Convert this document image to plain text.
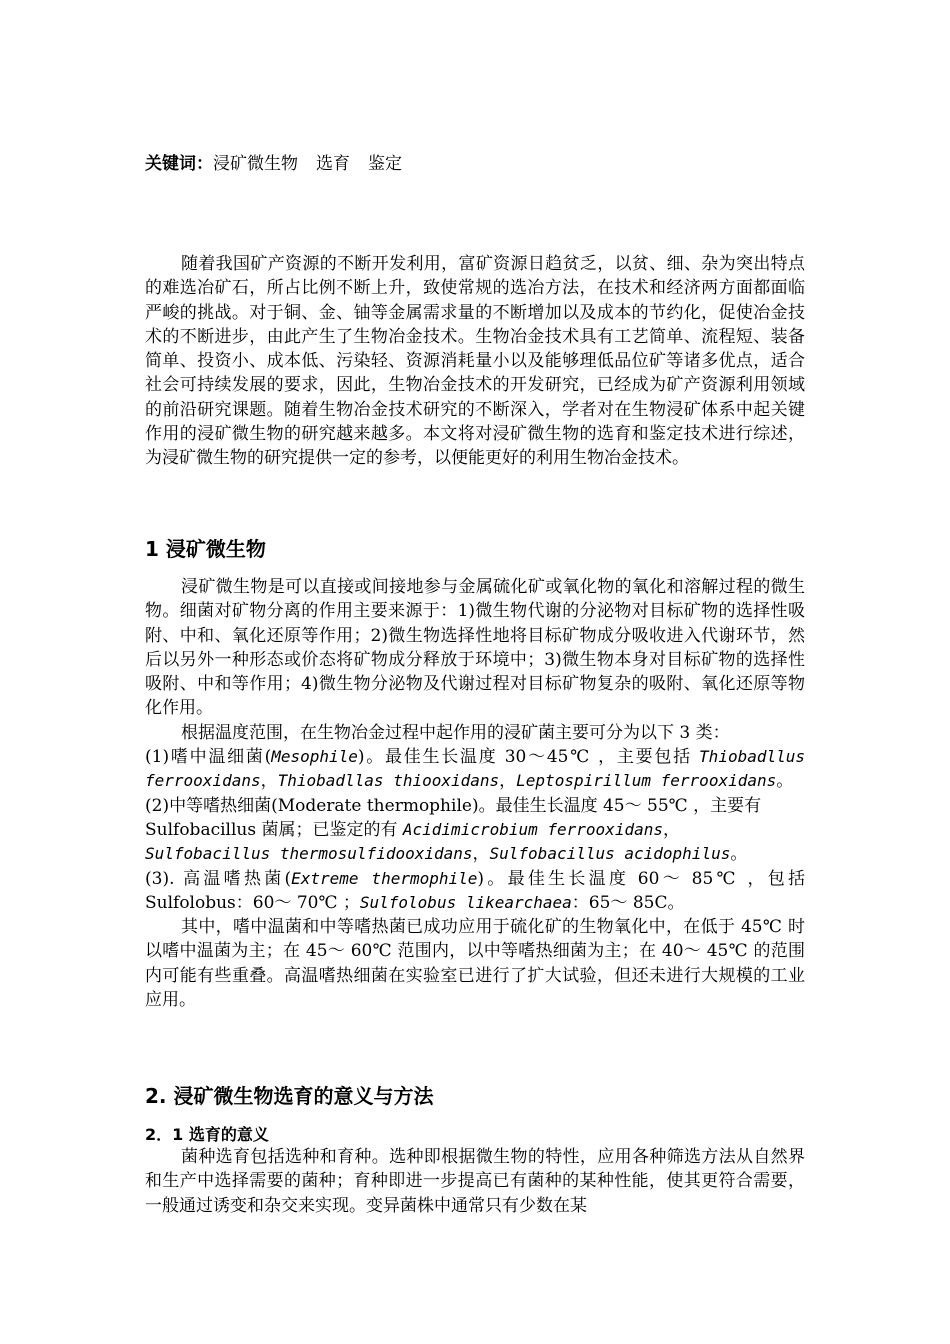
关键词：浸矿微生物 选育 鉴定

随着我国矿产资源的不断开发利用，富矿资源日趋贫乏，以贫、细、杂为突出特点的难选冶矿石，所占比例不断上升，致使常规的选冶方法，在技术和经济两方面都面临严峻的挑战。对于铜、金、铀等金属需求量的不断增加以及成本的节约化，促使冶金技术的不断进步，由此产生了生物冶金技术。生物冶金技术具有工艺简单、流程短、装备简单、投资小、成本低、污染轻、资源消耗量小以及能够理低品位矿等诸多优点，适合社会可持续发展的要求，因此，生物冶金技术的开发研究，已经成为矿产资源利用领域的前沿研究课题。随着生物冶金技术研究的不断深入，学者对在生物浸矿体系中起关键作用的浸矿微生物的研究越来越多。本文将对浸矿微生物的选育和鉴定技术进行综述，为浸矿微生物的研究提供一定的参考，以便能更好的利用生物冶金技术。

1 浸矿微生物

浸矿微生物是可以直接或间接地参与金属硫化矿或氧化物的氧化和溶解过程的微生物。细菌对矿物分离的作用主要来源于：1)微生物代谢的分泌物对目标矿物的选择性吸附、中和、氧化还原等作用；2)微生物选择性地将目标矿物成分吸收进入代谢环节，然后以另外一种形态或价态将矿物成分释放于环境中；3)微生物本身对目标矿物的选择性吸附、中和等作用；4)微生物分泌物及代谢过程对目标矿物复杂的吸附、氧化还原等物化作用。

根据温度范围，在生物冶金过程中起作用的浸矿菌主要可分为以下 3 类：

(1)嗜中温细菌(Mesophile)。最佳生长温度 30～45℃ ，主要包括 Thiobadllus ferrooxidans，Thiobadllas thiooxidans，Leptospirillum ferrooxidans。

(2)中等嗜热细菌(Moderate thermophile)。最佳生长温度 45～ 55℃ ，主要有 Sulfobacillus 菌属；已鉴定的有 Acidimicrobium ferrooxidans，Sulfobacillus thermosulfidooxidans，Sulfobacillus acidophilus。

(3). 高温嗜热菌(Extreme thermophile)。最佳生长温度 60～ 85℃ ，包括 Sulfolobus：60～ 70℃ ；Sulfolobus likearchaea：65～ 85C。

其中，嗜中温菌和中等嗜热菌已成功应用于硫化矿的生物氧化中，在低于 45℃ 时以嗜中温菌为主；在 45～ 60℃ 范围内，以中等嗜热细菌为主；在 40～ 45℃ 的范围内可能有些重叠。高温嗜热细菌在实验室已进行了扩大试验，但还未进行大规模的工业应用。

2. 浸矿微生物选育的意义与方法
2．1 选育的意义

菌种选育包括选种和育种。选种即根据微生物的特性，应用各种筛选方法从自然界和生产中选择需要的菌种；育种即进一步提高已有菌种的某种性能，使其更符合需要，一般通过诱变和杂交来实现。变异菌株中通常只有少数在某
